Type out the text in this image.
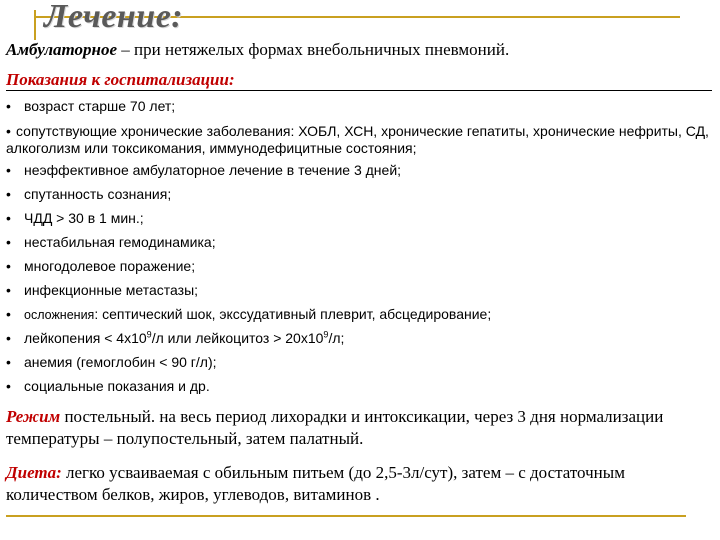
Лечение:
Амбулаторное – при нетяжелых формах внебольничных пневмоний.
Показания к госпитализации:
• возраст старше 70 лет;
• сопутствующие хронические заболевания: ХОБЛ, ХСН, хронические гепатиты, хронические нефриты, СД, алкоголизм или токсикомания, иммунодефицитные состояния;
• неэффективное амбулаторное лечение в течение 3 дней;
• спутанность сознания;
• ЧДД > 30 в 1 мин.;
• нестабильная гемодинамика;
• многодолевое поражение;
• инфекционные метастазы;
• осложнения: септический шок, экссудативный плеврит, абсцедирование;
• лейкопения < $4х10^9/л$ или лейкоцитоз > $20х10^9/л$;
• анемия (гемоглобин < 90 г/л);
• социальные показания и др.
Режим постельный. на весь период лихорадки и интоксикации, через 3 дня нормализации температуры – полупостельный, затем палатный.
Диета: легко усваиваемая с обильным питьем (до 2,5-3л/сут), затем – с достаточным количеством белков, жиров, углеводов, витаминов .
